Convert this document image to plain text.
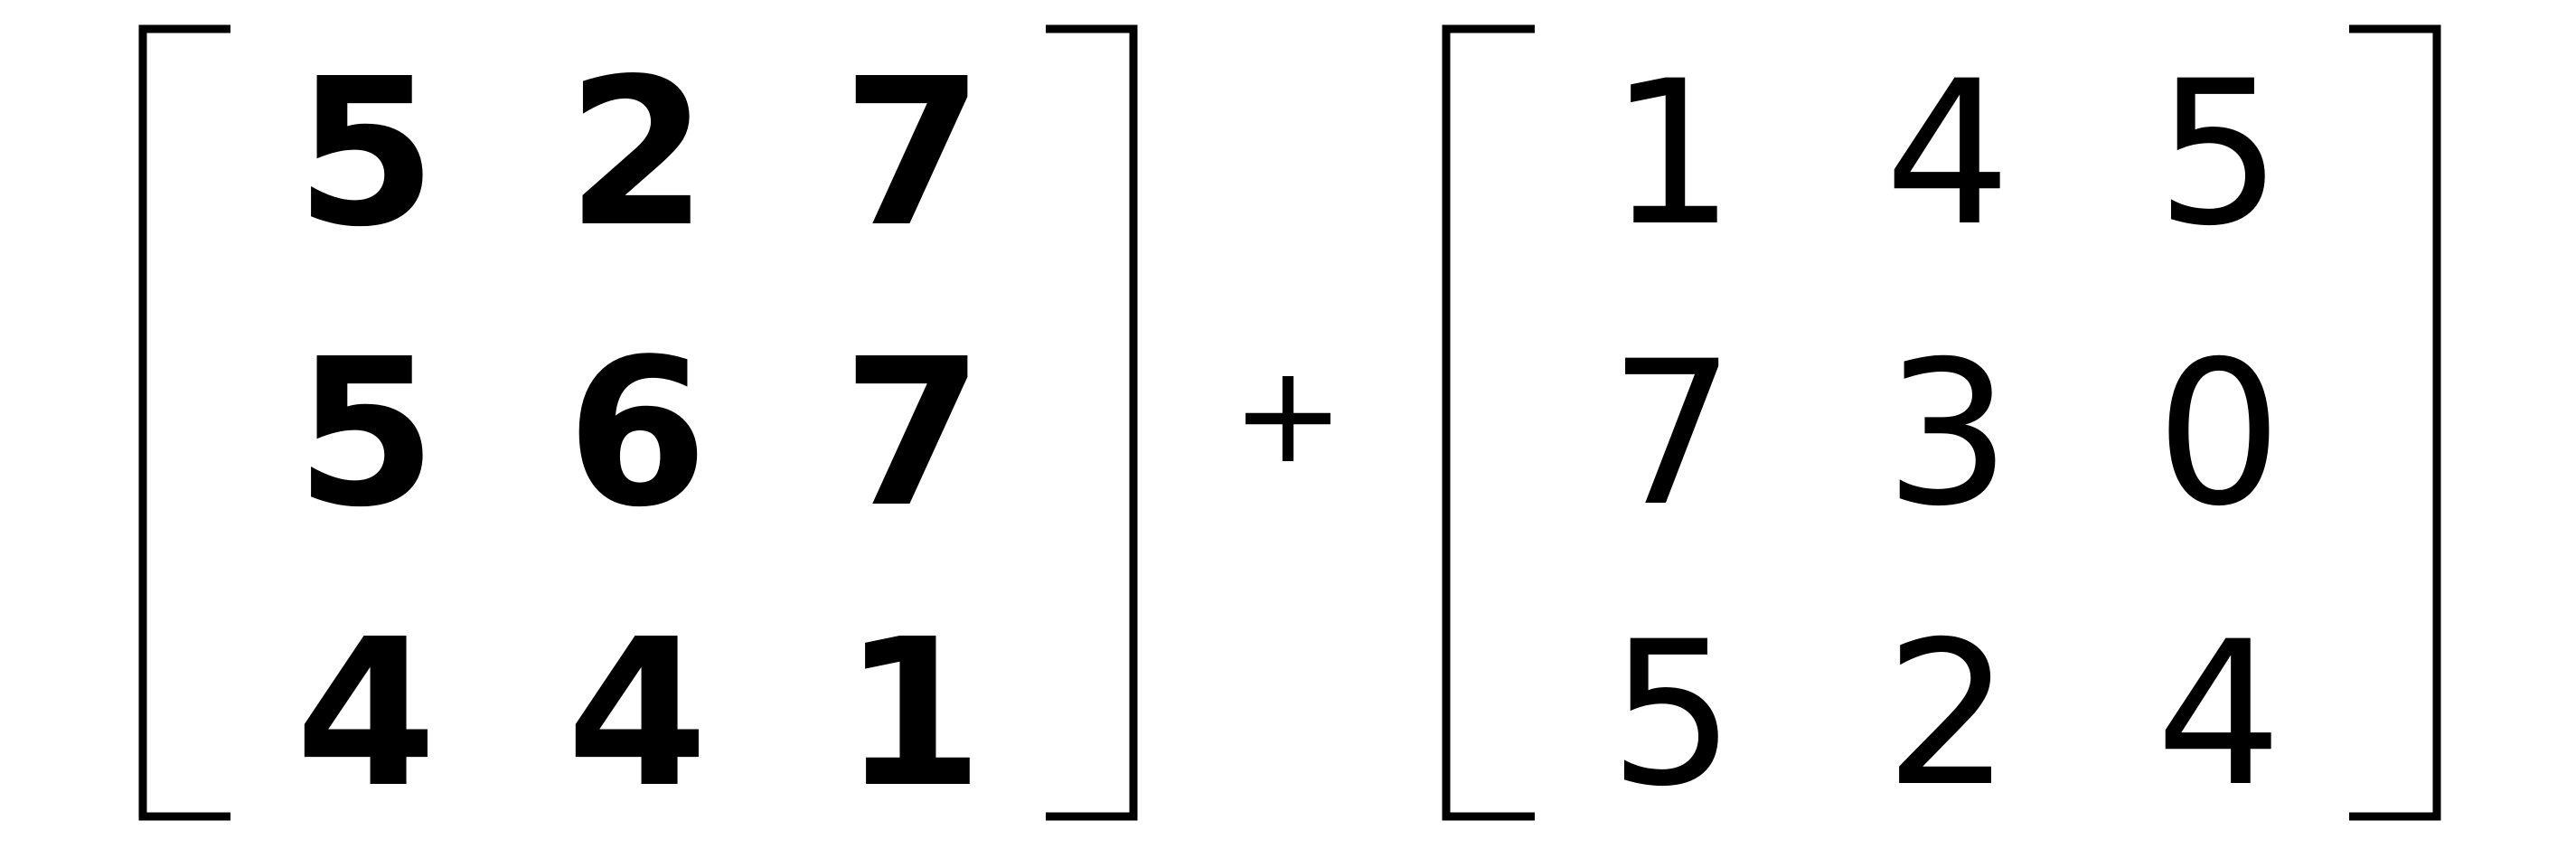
5 2 7
5 6 7
4 4 1
+
1 4 5
7 3 0
5 2 4
